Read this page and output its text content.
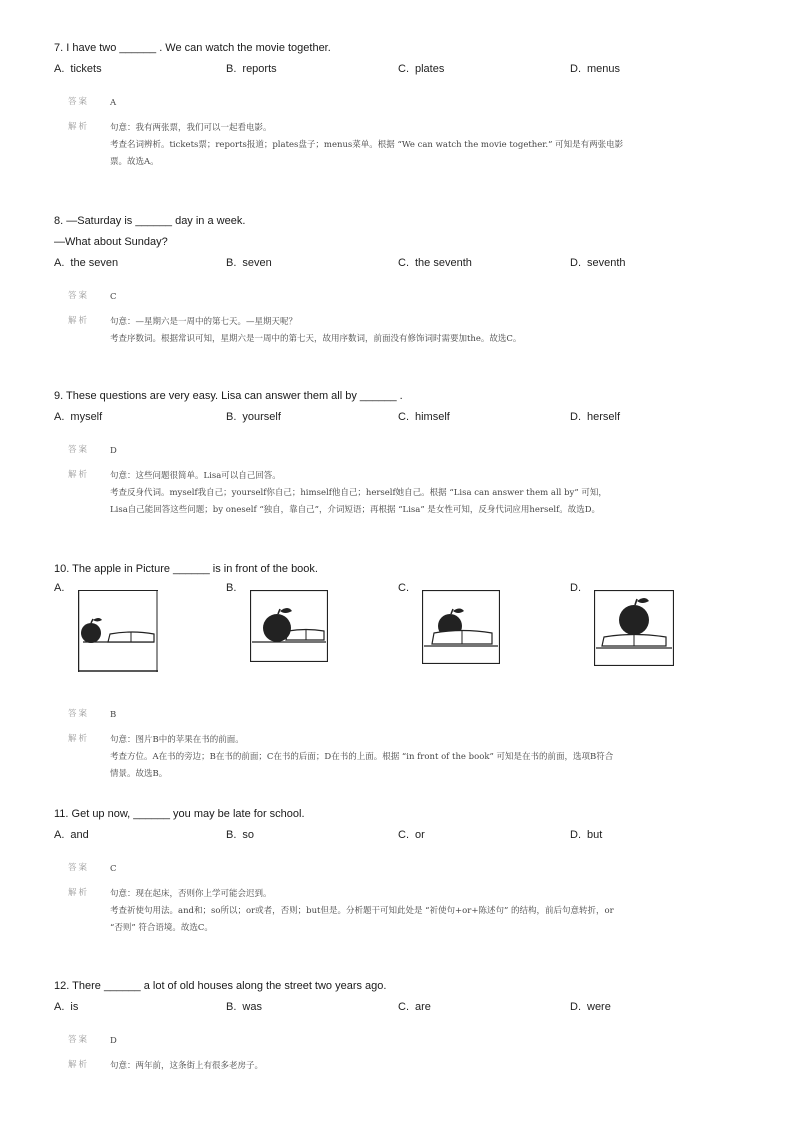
7. I have two ______ . We can watch the movie together.
A. tickets	B. reports	C. plates	D. menus
答案 A
解析 句意：我有两张票，我们可以一起看电影。
考查名词辨析。tickets票；reports报道；plates盘子；menus菜单。根据 “We can watch the movie together.” 可知是有两张电影
票。故选A。
8. —Saturday is ______ day in a week.
—What about Sunday?
A. the seven	B. seven	C. the seventh	D. seventh
答案 C
解析 句意：—星期六是一周中的第七天。—星期天呢？
考查序数词。根据常识可知，星期六是一周中的第七天，故用序数词，前面没有修饰词时需要加the。故选C。
9. These questions are very easy. Lisa can answer them all by ______ .
A. myself	B. yourself	C. himself	D. herself
答案 D
解析 句意：这些问题很简单。Lisa可以自己回答。
考查反身代词。myself我自己；yourself你自己；himself他自己；herself她自己。根据 “Lisa can answer them all by” 可知，
Lisa自己能回答这些问题；by oneself “独自，靠自己”，介词短语；再根据 “Lisa” 是女性可知，反身代词应用herself。故选D。
10. The apple in Picture ______ is in front of the book.
A.	B.	C.	D.
答案 B
解析 句意：图片B中的苹果在书的前面。
考查方位。A在书的旁边；B在书的前面；C在书的后面；D在书的上面。根据 “in front of the book” 可知是在书的前面，选项B符合
情景。故选B。
11. Get up now, ______ you may be late for school.
A. and	B. so	C. or	D. but
答案 C
解析 句意：现在起床，否则你上学可能会迟到。
考查祈使句用法。and和；so所以；or或者，否则；but但是。分析题干可知此处是 “祈使句+or+陈述句” 的结构，前后句意转折，or
“否则” 符合语境。故选C。
12. There ______ a lot of old houses along the street two years ago.
A. is	B. was	C. are	D. were
答案 D
解析 句意：两年前，这条街上有很多老房子。
